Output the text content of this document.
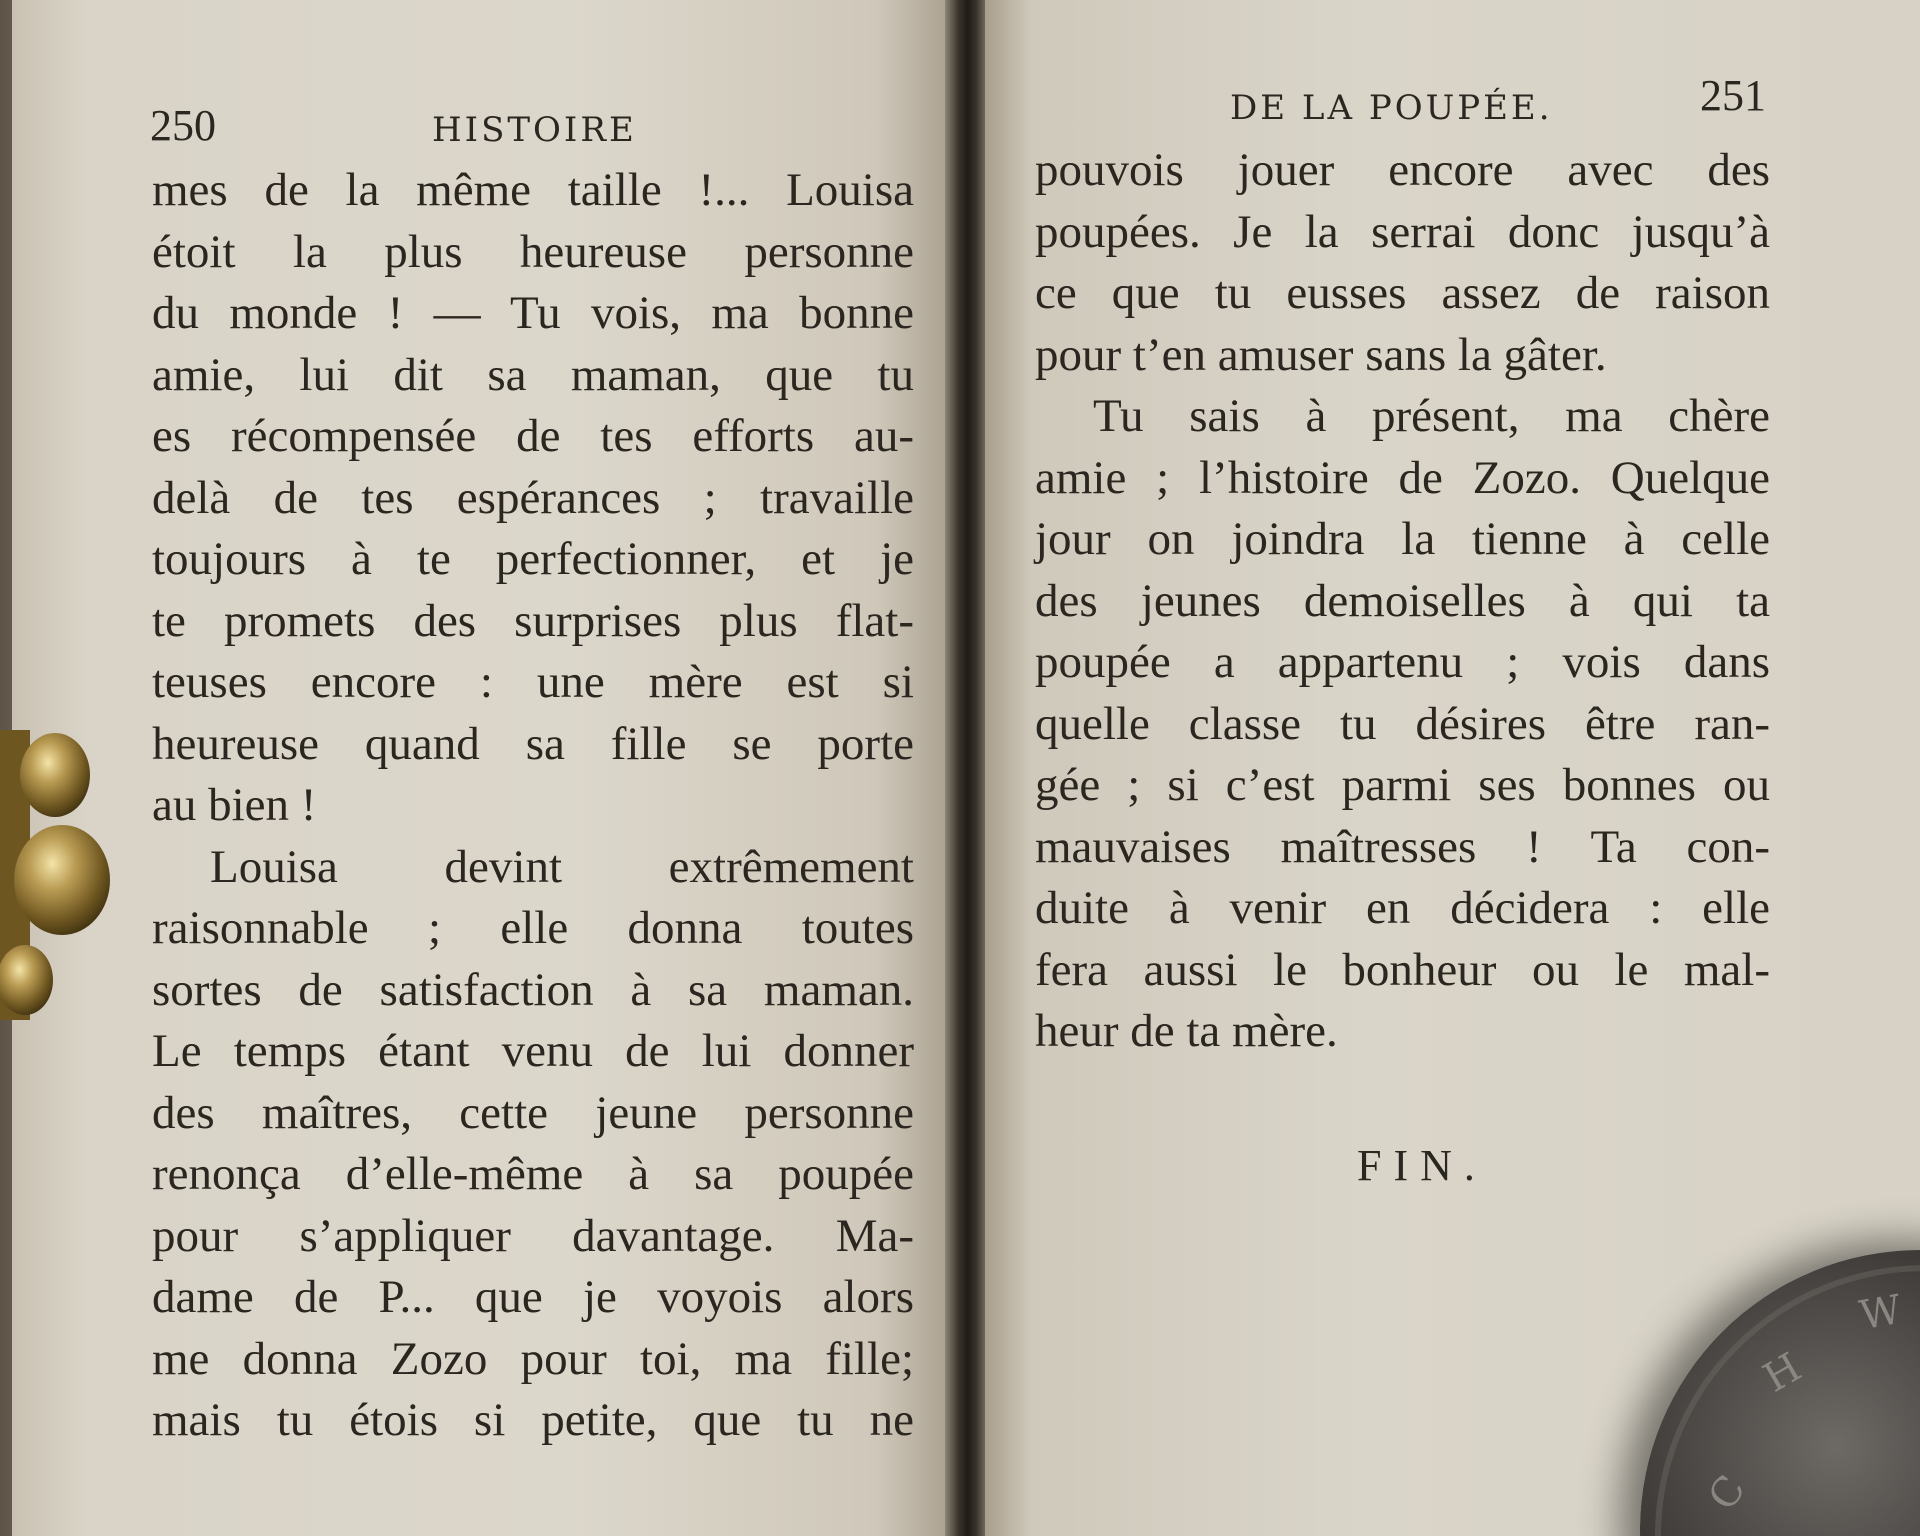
250	HISTOIRE
mes de la même taille !... Louisa
étoit la plus heureuse personne
du monde ! — Tu vois, ma bonne
amie, lui dit sa maman, que tu
es récompensée de tes efforts au-
delà de tes espérances ; travaille
toujours à te perfectionner, et je
te promets des surprises plus flat-
teuses encore : une mère est si
heureuse quand sa fille se porte
au bien !
Louisa devint extrêmement
raisonnable ; elle donna toutes
sortes de satisfaction à sa maman.
Le temps étant venu de lui donner
des maîtres, cette jeune personne
renonça d’elle-même à sa poupée
pour s’appliquer davantage. Ma-
dame de P... que je voyois alors
me donna Zozo pour toi, ma fille;
mais tu étois si petite, que tu ne
DE LA POUPÉE.	251
pouvois jouer encore avec des
poupées. Je la serrai donc jusqu’à
ce que tu eusses assez de raison
pour t’en amuser sans la gâter.
Tu sais à présent, ma chère
amie ; l’histoire de Zozo. Quelque
jour on joindra la tienne à celle
des jeunes demoiselles à qui ta
poupée a appartenu ; vois dans
quelle classe tu désires être ran-
gée ; si c’est parmi ses bonnes ou
mauvaises maîtresses ! Ta con-
duite à venir en décidera : elle
fera aussi le bonheur ou le mal-
heur de ta mère.
FIN.
C
H
W
